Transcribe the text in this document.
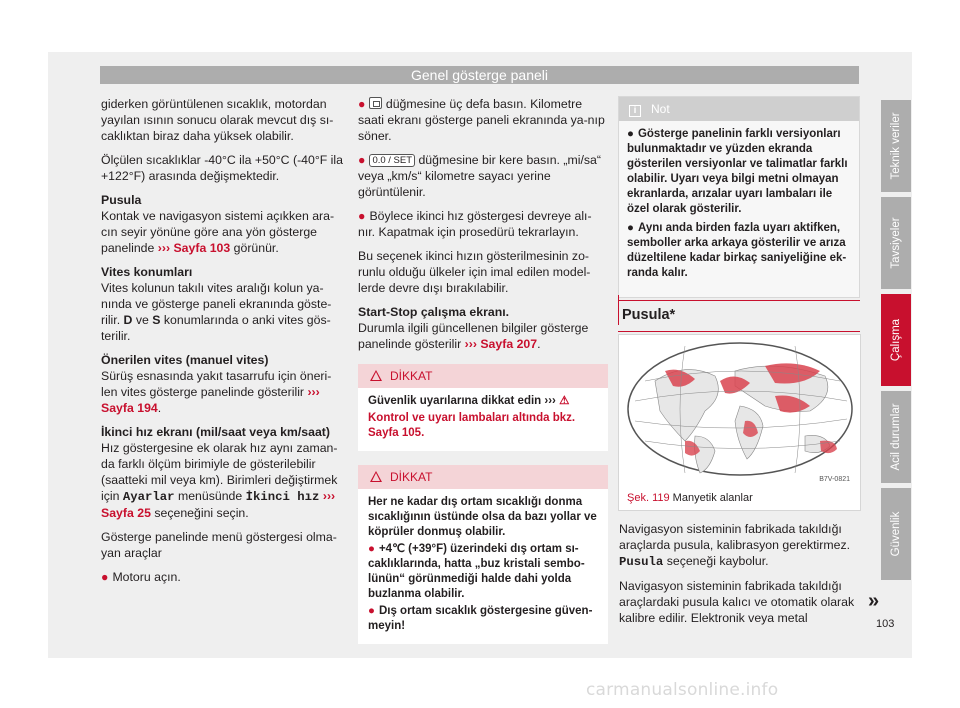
Genel gösterge paneli

giderken görüntülenen sıcaklık, motordan yayılan ısının sonucu olarak mevcut dış sı-caklıktan biraz daha yüksek olabilir.

Ölçülen sıcaklıklar -40°C ila +50°C (-40°F ila +122°F) arasında değişmektedir.

Pusula

Kontak ve navigasyon sistemi açıkken ara-cın seyir yönüne göre ana yön gösterge panelinde ››› Sayfa 103 görünür.

Vites konumları

Vites kolunun takılı vites aralığı kolun ya-nında ve gösterge paneli ekranında göste-rilir. D ve S konumlarında o anki vites gös-terilir.

Önerilen vites (manuel vites)

Sürüş esnasında yakıt tasarrufu için öneri-len vites gösterge panelinde gösterilir ››› Sayfa 194.

İkinci hız ekranı (mil/saat veya km/saat)

Hız göstergesine ek olarak hız aynı zaman-da farklı ölçüm birimiyle de gösterilebilir (saatteki mil veya km). Birimleri değiştirmek için Ayarlar menüsünde İkinci hız ››› Sayfa 25 seçeneğini seçin.

Gösterge panelinde menü göstergesi olma-yan araçlar

● Motoru açın.

● düğmesine üç defa basın. Kilometre saati ekranı gösterge paneli ekranında ya-nıp söner.

● 0.0 / SET düğmesine bir kere basın. „mi/sa“ veya „km/s“ kilometre sayacı yerine görüntülenir.

● Böylece ikinci hız göstergesi devreye alı-nır. Kapatmak için prosedürü tekrarlayın.

Bu seçenek ikinci hızın gösterilmesinin zo-runlu olduğu ülkeler için imal edilen model-lerde devre dışı bırakılabilir.

Start-Stop çalışma ekranı.

Durumla ilgili güncellenen bilgiler gösterge panelinde gösterilir ››› Sayfa 207.

DİKKAT

Güvenlik uyarılarına dikkat edin ››› ⚠

Kontrol ve uyarı lambaları altında bkz. Sayfa 105.

DİKKAT

Her ne kadar dış ortam sıcaklığı donma sıcaklığının üstünde olsa da bazı yollar ve köprüler donmuş olabilir.

● +4℃ (+39°F) üzerindeki dış ortam sı-caklıklarında, hatta „buz kristali sembo-lünün“ görünmediği halde dahi yolda buzlanma olabilir.

● Dış ortam sıcaklık göstergesine güven-meyin!

i Not

● Gösterge panelinin farklı versiyonları bulunmaktadır ve yüzden ekranda gösterilen versiyonlar ve talimatlar farklı olabilir. Uyarı veya bilgi metni olmayan ekranlarda, arızalar uyarı lambaları ile özel olarak gösterilir.

● Aynı anda birden fazla uyarı aktifken, semboller arka arkaya gösterilir ve arıza düzeltilene kadar birkaç saniyeliğine ek-randa kalır.

Pusula*
B7V-0821
Şek. 119 Manyetik alanlar

Navigasyon sisteminin fabrikada takıldığı araçlarda pusula, kalibrasyon gerektirmez. Pusula seçeneği kaybolur.

Navigasyon sisteminin fabrikada takıldığı araçlardaki pusula kalıcı ve otomatik olarak kalibre edilir. Elektronik veya metal

»
103
Teknik veriler
Tavsiyeler
Çalışma
Acil durumlar
Güvenlik
carmanualsonline.info
